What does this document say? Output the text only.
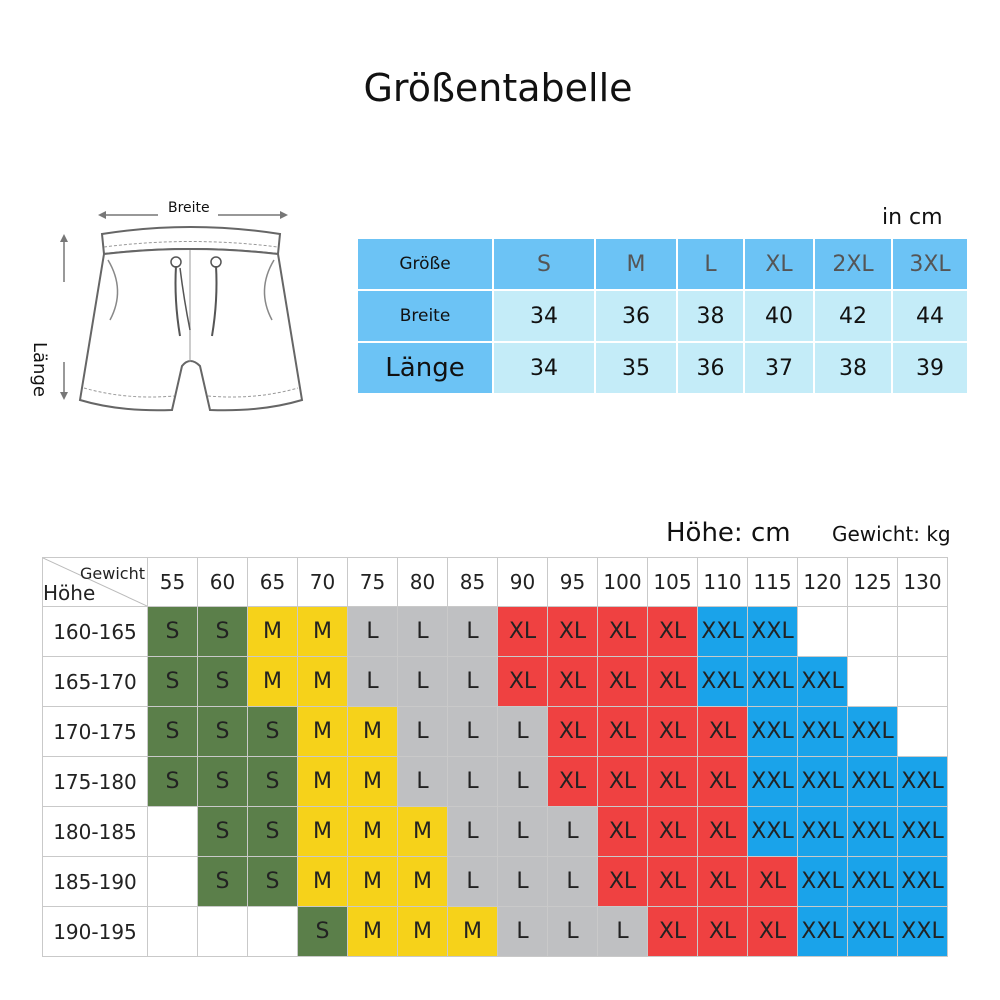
Größentabelle
Breite
Länge
in cm
Größe	S	M	L	XL	2XL	3XL
Breite	34	36	38	40	42	44
Länge	34	35	36	37	38	39
Höhe: cm Gewicht: kg
Gewicht
Höhe	55	60	65	70	75	80	85	90	95	100	105	110	115	120	125	130
160-165	S	S	M	M	L	L	L	XL	XL	XL	XL	XXL	XXL			
165-170	S	S	M	M	L	L	L	XL	XL	XL	XL	XXL	XXL	XXL		
170-175	S	S	S	M	M	L	L	L	XL	XL	XL	XL	XXL	XXL	XXL	
175-180	S	S	S	M	M	L	L	L	XL	XL	XL	XL	XXL	XXL	XXL	XXL
180-185		S	S	M	M	M	L	L	L	XL	XL	XL	XXL	XXL	XXL	XXL
185-190		S	S	M	M	M	L	L	L	XL	XL	XL	XL	XXL	XXL	XXL
190-195				S	M	M	M	L	L	L	XL	XL	XL	XXL	XXL	XXL
